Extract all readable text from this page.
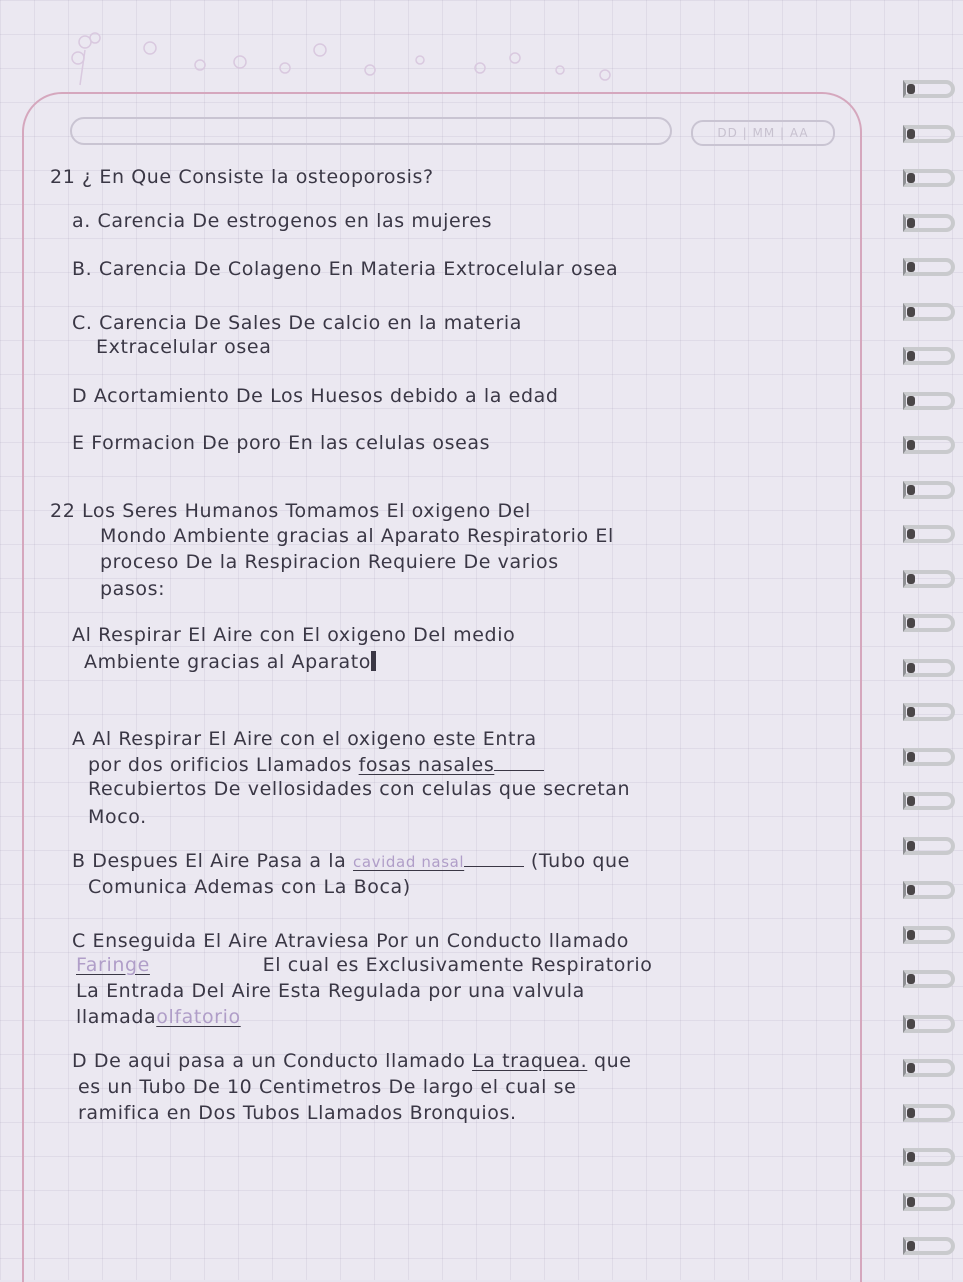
DD | MM | AA
21 ¿ En Que Consiste la osteoporosis?
a. Carencia De estrogenos en las mujeres
B. Carencia De Colageno En Materia Extrocelular osea
C. Carencia De Sales De calcio en la materia
Extracelular osea
D Acortamiento De Los Huesos debido a la edad
E Formacion De poro En las celulas oseas
22 Los Seres Humanos Tomamos El oxigeno Del
Mondo Ambiente gracias al Aparato Respiratorio El
proceso De la Respiracion Requiere De varios
pasos:
Al Respirar El Aire con El oxigeno Del medio
Ambiente gracias al Aparato
A Al Respirar El Aire con el oxigeno este Entra
por dos orificios Llamados fosas nasales
Recubiertos De vellosidades con celulas que secretan
Moco.
B Despues El Aire Pasa a la cavidad nasal	(Tubo que
Comunica Ademas con La Boca)
C Enseguida El Aire Atraviesa Por un Conducto llamado
Faringe	El cual es Exclusivamente Respiratorio
La Entrada Del Aire Esta Regulada por una valvula
llamadaolfatorio
D De aqui pasa a un Conducto llamado La traquea. que
es un Tubo De 10 Centimetros De largo el cual se
ramifica en Dos Tubos Llamados Bronquios.
